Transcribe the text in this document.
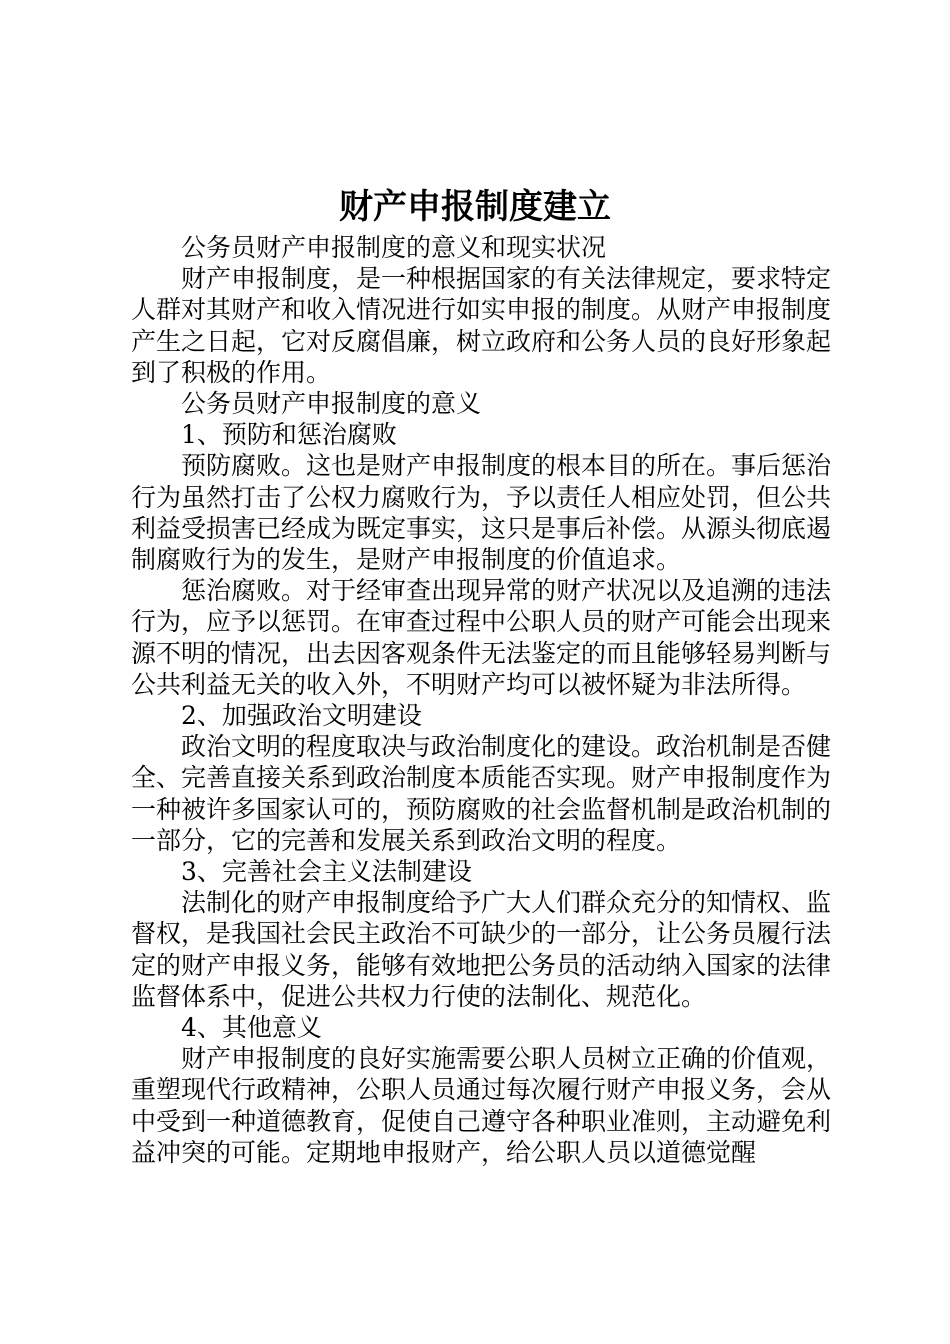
财产申报制度建立

公务员财产申报制度的意义和现实状况

财产申报制度，是一种根据国家的有关法律规定，要求特定人群对其财产和收入情况进行如实申报的制度。从财产申报制度产生之日起，它对反腐倡廉，树立政府和公务人员的良好形象起到了积极的作用。

公务员财产申报制度的意义

1、预防和惩治腐败

预防腐败。这也是财产申报制度的根本目的所在。事后惩治行为虽然打击了公权力腐败行为，予以责任人相应处罚，但公共利益受损害已经成为既定事实，这只是事后补偿。从源头彻底遏制腐败行为的发生，是财产申报制度的价值追求。

惩治腐败。对于经审查出现异常的财产状况以及追溯的违法行为，应予以惩罚。在审查过程中公职人员的财产可能会出现来源不明的情况，出去因客观条件无法鉴定的而且能够轻易判断与公共利益无关的收入外，不明财产均可以被怀疑为非法所得。

2、加强政治文明建设

政治文明的程度取决与政治制度化的建设。政治机制是否健全、完善直接关系到政治制度本质能否实现。财产申报制度作为一种被许多国家认可的，预防腐败的社会监督机制是政治机制的一部分，它的完善和发展关系到政治文明的程度。

3、完善社会主义法制建设

法制化的财产申报制度给予广大人们群众充分的知情权、监督权，是我国社会民主政治不可缺少的一部分，让公务员履行法定的财产申报义务，能够有效地把公务员的活动纳入国家的法律监督体系中，促进公共权力行使的法制化、规范化。

4、其他意义

财产申报制度的良好实施需要公职人员树立正确的价值观，重塑现代行政精神，公职人员通过每次履行财产申报义务，会从中受到一种道德教育，促使自己遵守各种职业准则，主动避免利益冲突的可能。定期地申报财产，给公职人员以道德觉醒
